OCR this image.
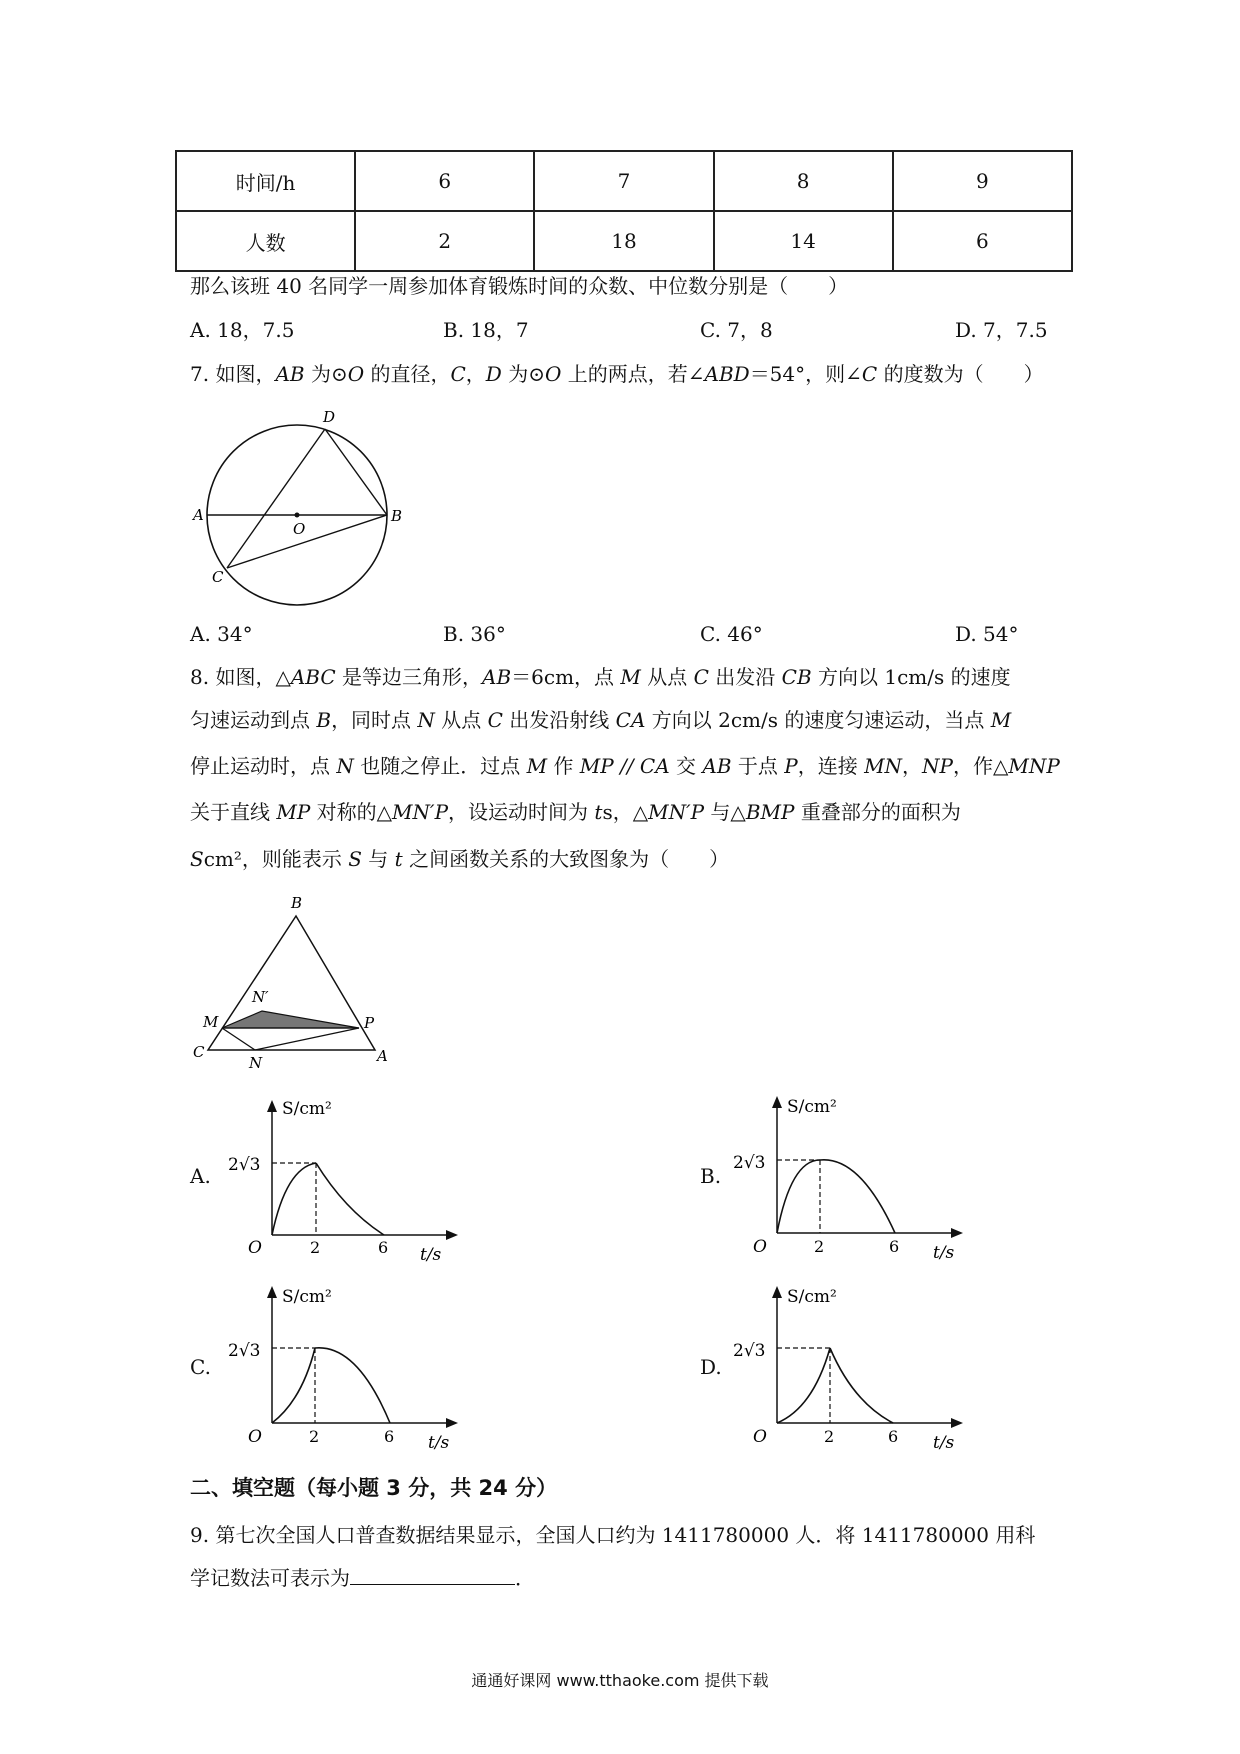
时间/h	6	7	8	9
人数	2	18	14	6
那么该班 40 名同学一周参加体育锻炼时间的众数、中位数分别是（　　）
A. 18，7.5	B. 18，7	C. 7，8	D. 7，7.5
7. 如图，AB 为⊙O 的直径，C，D 为⊙O 上的两点，若∠ABD＝54°，则∠C 的度数为（　　）
D
A	B
O
C
A. 34°	B. 36°	C. 46°	D. 54°
8. 如图，△ABC 是等边三角形，AB＝6cm，点 M 从点 C 出发沿 CB 方向以 1cm/s 的速度
匀速运动到点 B，同时点 N 从点 C 出发沿射线 CA 方向以 2cm/s 的速度匀速运动，当点 M
停止运动时，点 N 也随之停止．过点 M 作 MP // CA 交 AB 于点 P，连接 MN，NP，作△MNP
关于直线 MP 对称的△MN′P，设运动时间为 ts，△MN′P 与△BMP 重叠部分的面积为
Scm²，则能表示 S 与 t 之间函数关系的大致图象为（　　）
B
N′
M	P
C
N	A
A.	B.
C.	D.
S/cm²
2√3
O	2	6 t/s
S/cm²
2√3
O	2	6 t/s
S/cm²
2√3
O	2	6 t/s
S/cm²
2√3
O	2	6 t/s
二、填空题（每小题 3 分，共 24 分）
9. 第七次全国人口普查数据结果显示，全国人口约为 1411780000 人．将 1411780000 用科
学记数法可表示为	．
通通好课网 www.tthaoke.com 提供下载
